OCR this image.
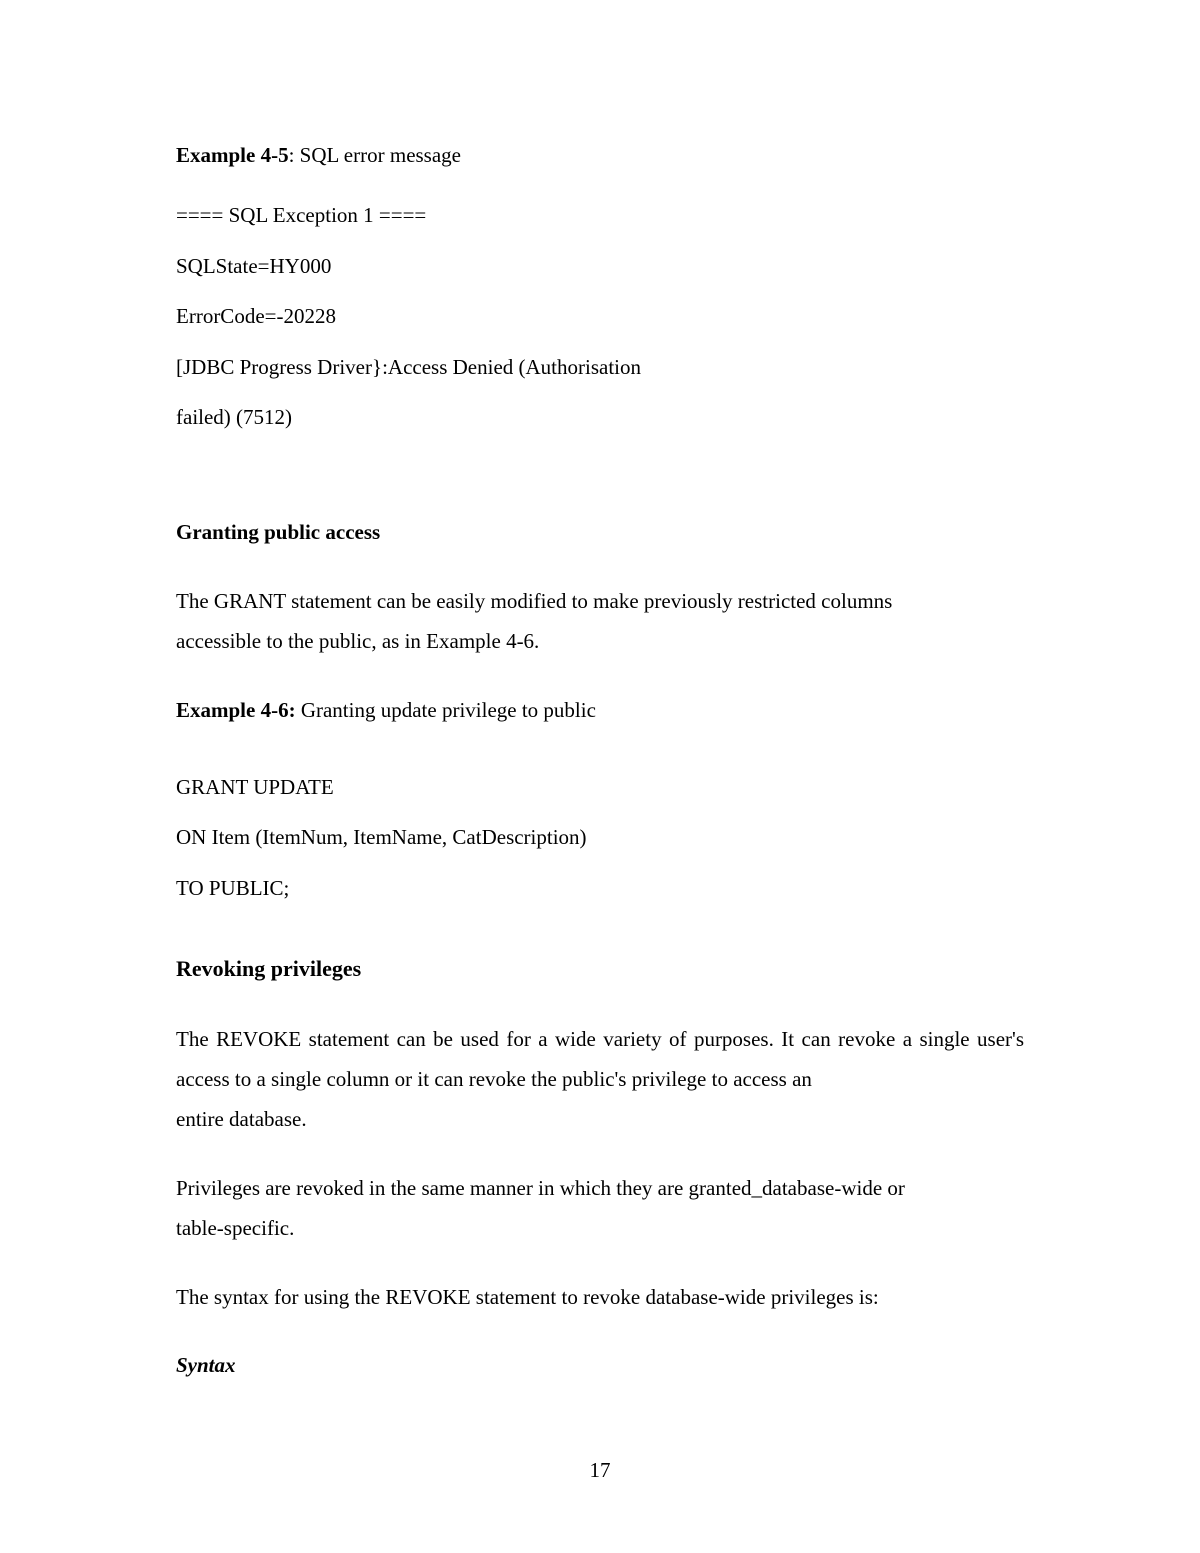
Example 4-5: SQL error message
==== SQL Exception 1 ====
SQLState=HY000
ErrorCode=-20228
[JDBC Progress Driver}:Access Denied (Authorisation
failed) (7512)
Granting public access
The GRANT statement can be easily modified to make previously restricted columns
accessible to the public, as in Example 4-6.
Example 4-6: Granting update privilege to public
GRANT UPDATE
ON Item (ItemNum, ItemName, CatDescription)
TO PUBLIC;
Revoking privileges
The REVOKE statement can be used for a wide variety of purposes. It can revoke a single user's access to a single column or it can revoke the public's privilege to access an
entire database.
Privileges are revoked in the same manner in which they are granted_database-wide or
table-specific.
The syntax for using the REVOKE statement to revoke database-wide privileges is:
Syntax
17
